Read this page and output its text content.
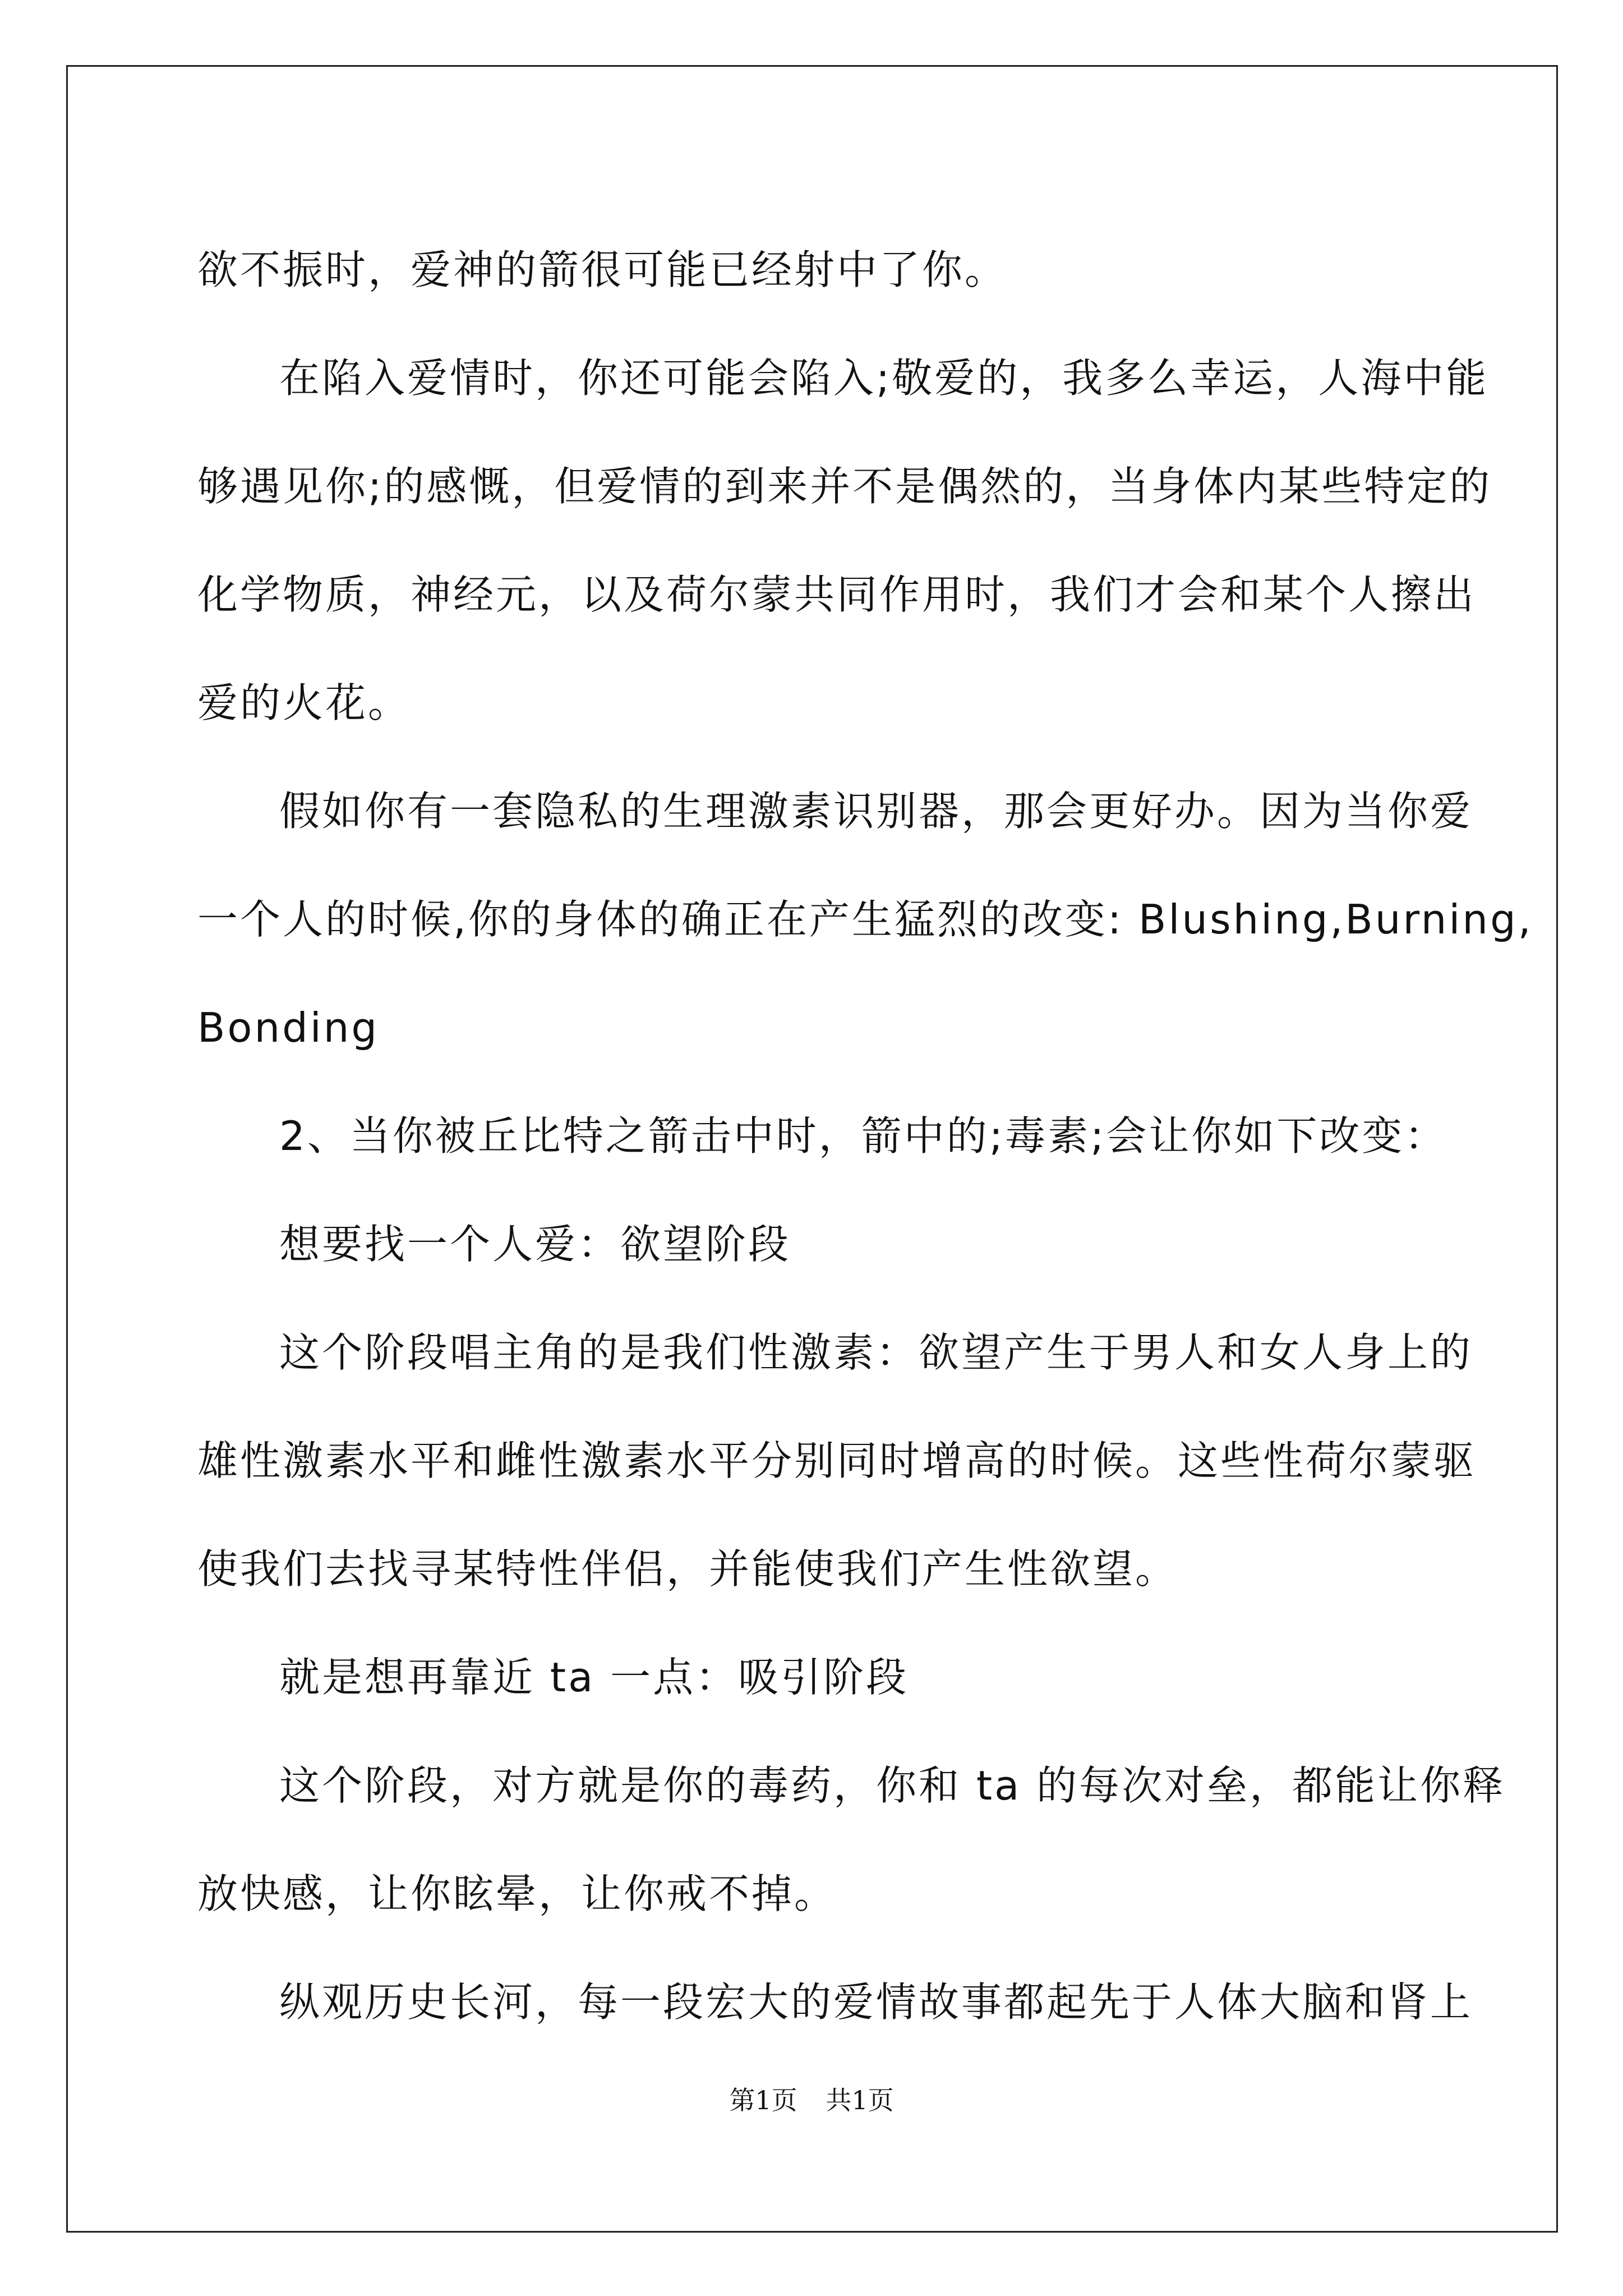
欲不振时，爱神的箭很可能已经射中了你。

在陷入爱情时，你还可能会陷入;敬爱的，我多么幸运，人海中能

够遇见你;的感慨，但爱情的到来并不是偶然的，当身体内某些特定的

化学物质，神经元，以及荷尔蒙共同作用时，我们才会和某个人擦出

爱的火花。

假如你有一套隐私的生理激素识别器，那会更好办。因为当你爱

一个人的时候,你的身体的确正在产生猛烈的改变: Blushing,Burning,

Bonding

2、当你被丘比特之箭击中时，箭中的;毒素;会让你如下改变：

想要找一个人爱：欲望阶段

这个阶段唱主角的是我们性激素：欲望产生于男人和女人身上的

雄性激素水平和雌性激素水平分别同时增高的时候。这些性荷尔蒙驱

使我们去找寻某特性伴侣，并能使我们产生性欲望。

就是想再靠近 ta 一点：吸引阶段

这个阶段，对方就是你的毒药，你和 ta 的每次对垒，都能让你释

放快感，让你眩晕，让你戒不掉。

纵观历史长河，每一段宏大的爱情故事都起先于人体大脑和肾上

第1页 共1页
